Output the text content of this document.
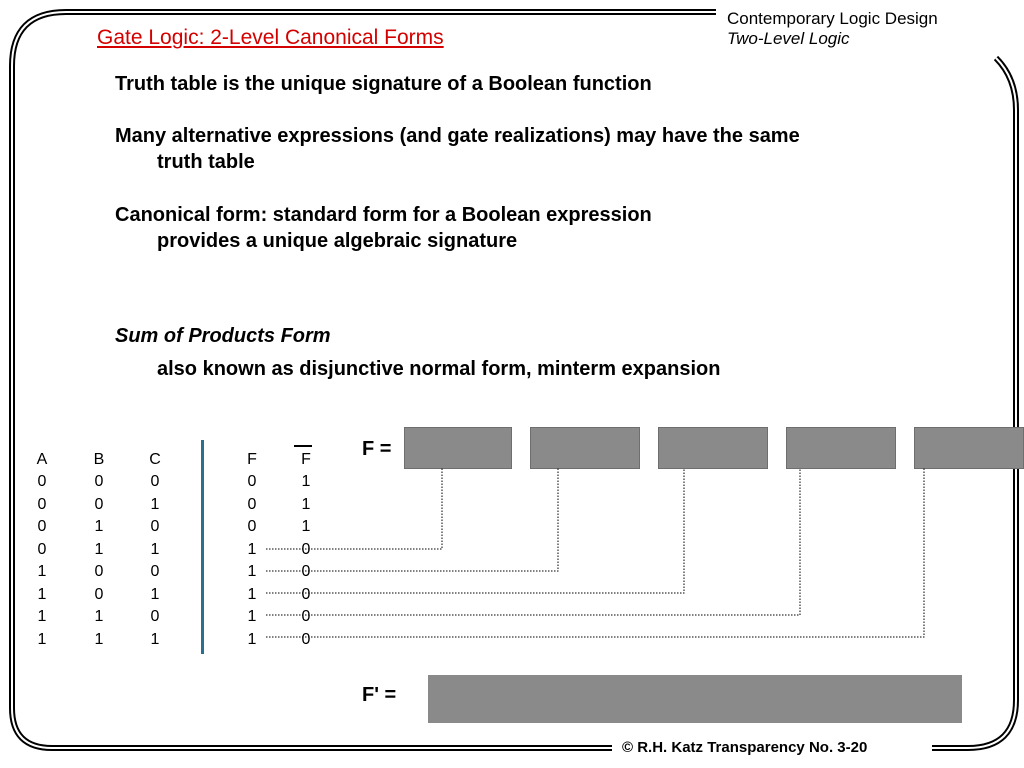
Gate Logic: 2-Level Canonical Forms
Contemporary Logic Design
Two-Level Logic
Truth table is the unique signature of a Boolean function
Many alternative expressions (and gate realizations) may have the same
truth table
Canonical form: standard form for a Boolean expression
provides a unique algebraic signature
Sum of Products Form
also known as disjunctive normal form, minterm expansion
A	B	C	F	F
0	0	0	0	1
0	0	1	0	1
0	1	0	0	1
0	1	1	1	0
1	0	0	1	0
1	0	1	1	0
1	1	0	1	0
1	1	1	1	0
F =
F' =
© R.H. Katz Transparency No. 3-20
